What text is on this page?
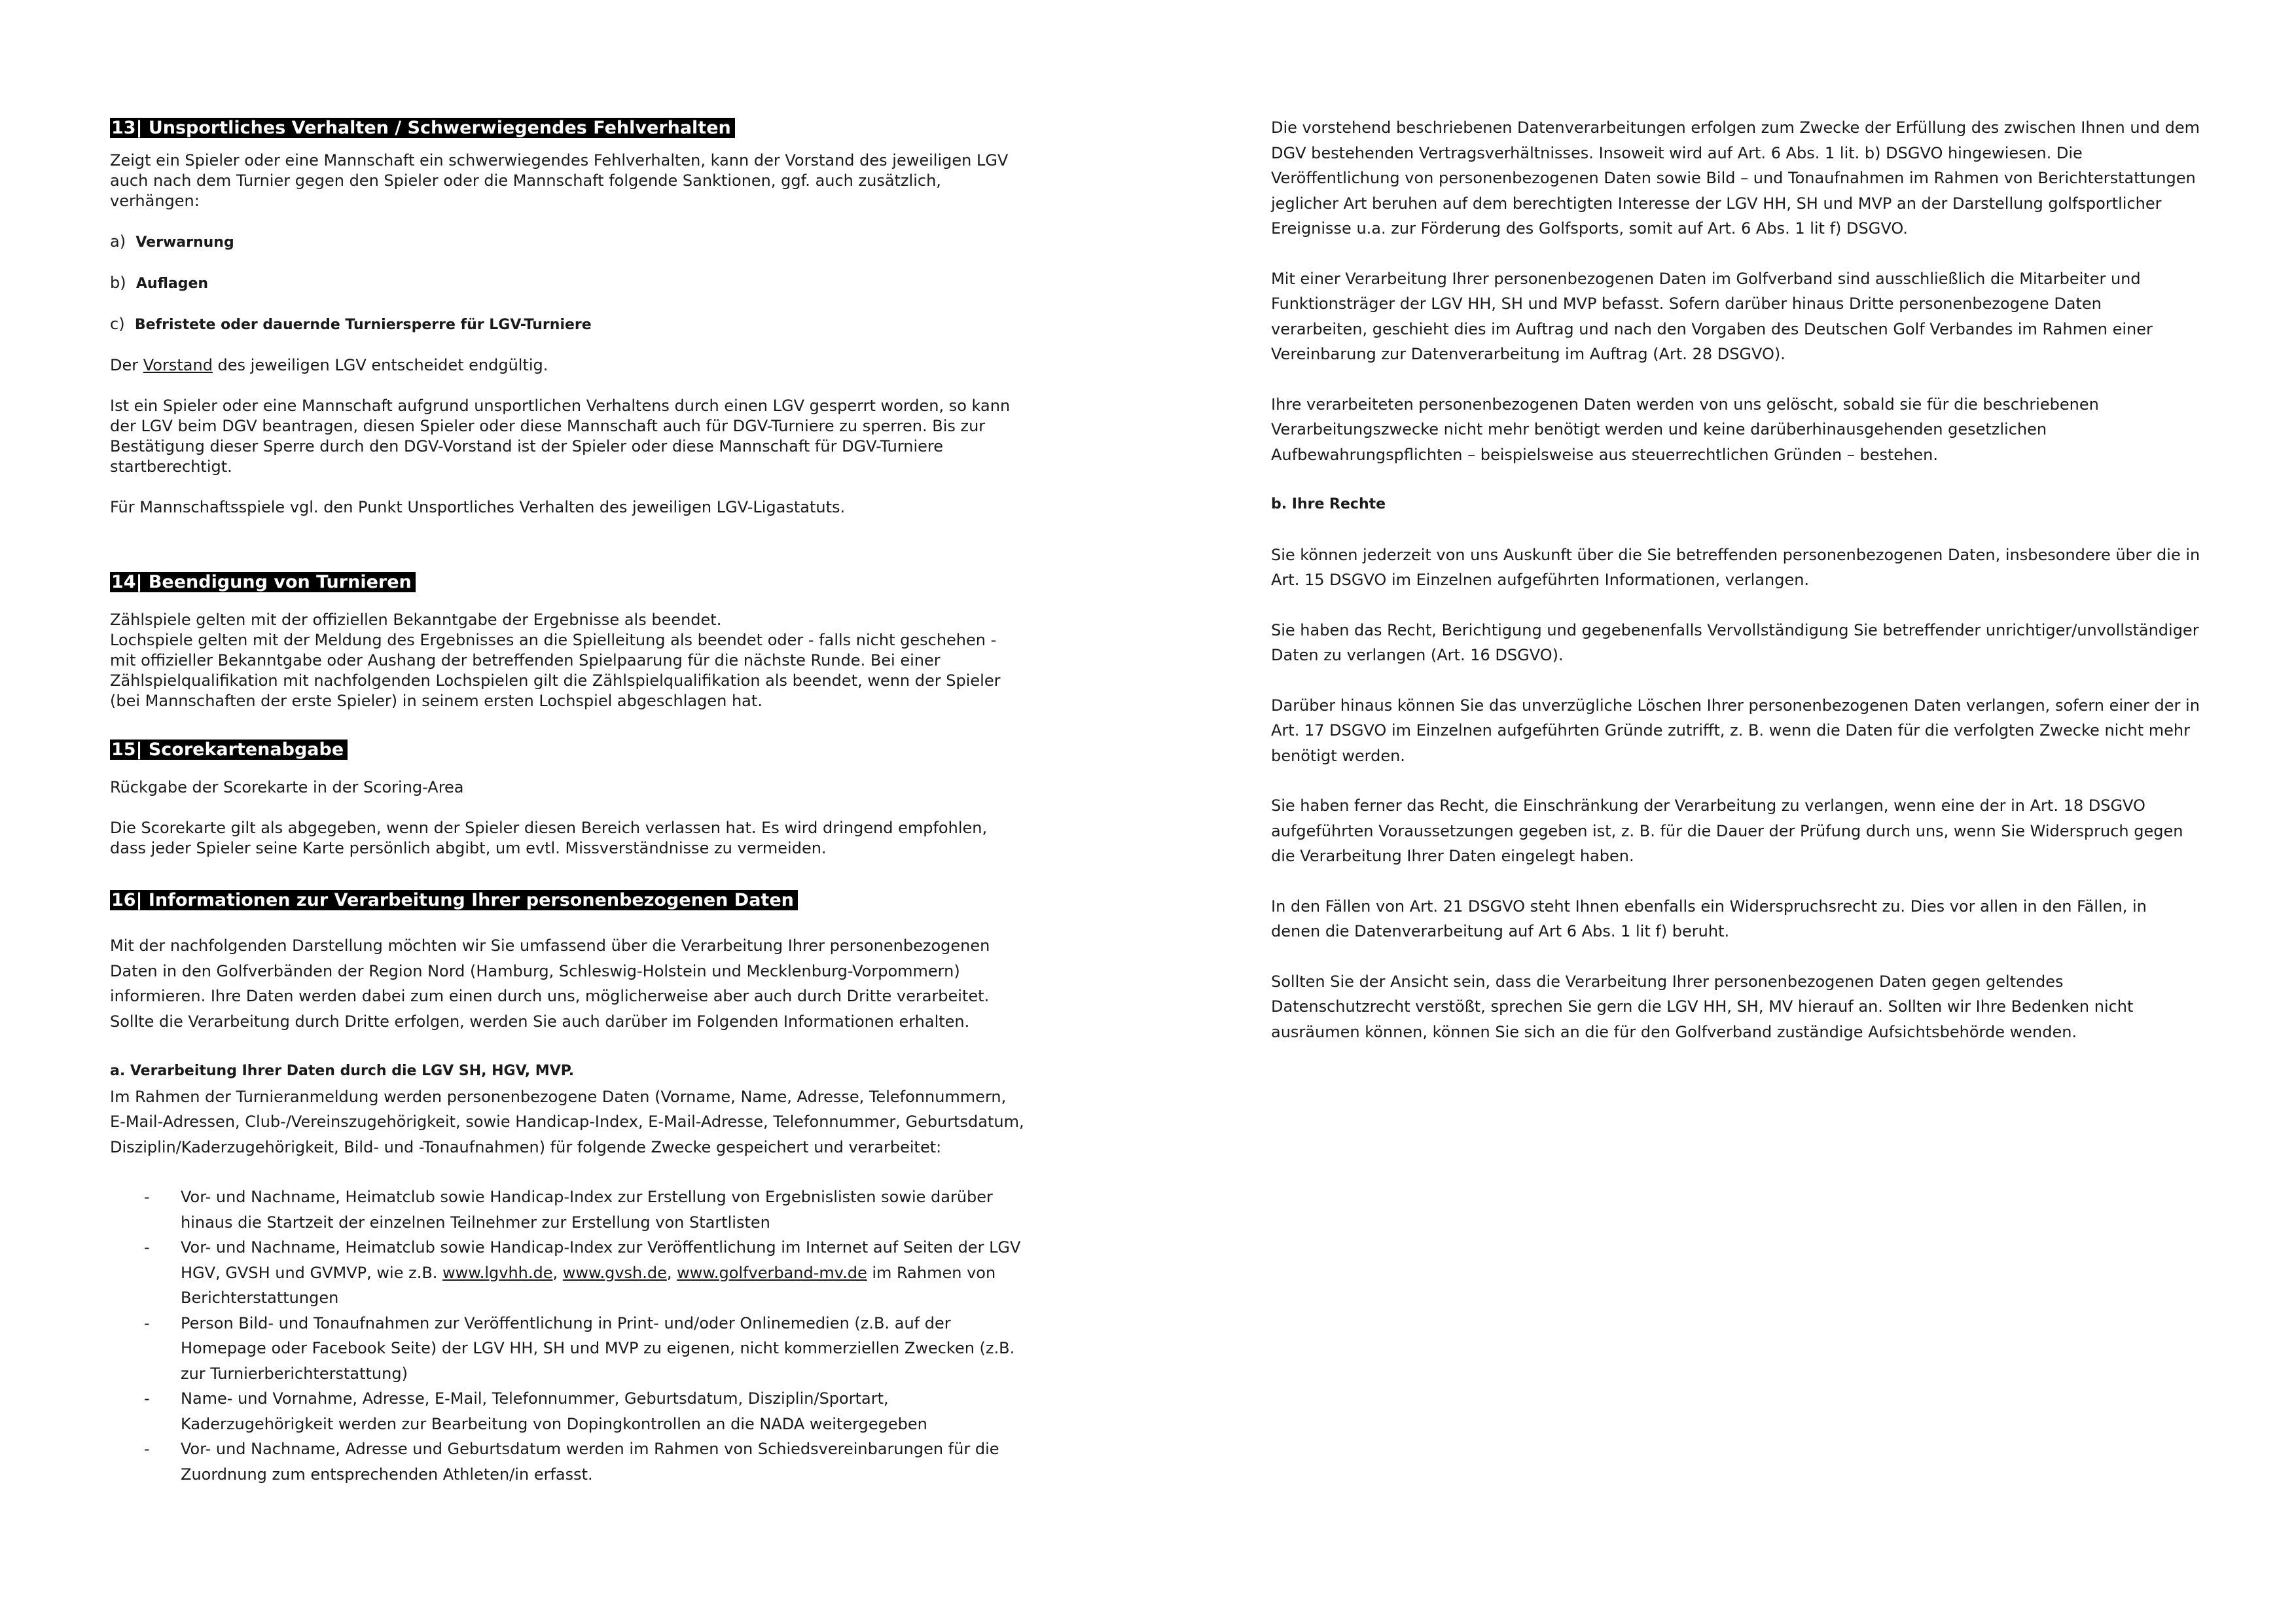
13| Unsportliches Verhalten / Schwerwiegendes Fehlverhalten

Zeigt ein Spieler oder eine Mannschaft ein schwerwiegendes Fehlverhalten, kann der Vorstand des jeweiligen LGV auch nach dem Turnier gegen den Spieler oder die Mannschaft folgende Sanktionen, ggf. auch zusätzlich, verhängen:

a) Verwarnung

b) Auflagen

c) Befristete oder dauernde Turniersperre für LGV-Turniere

Der Vorstand des jeweiligen LGV entscheidet endgültig.

Ist ein Spieler oder eine Mannschaft aufgrund unsportlichen Verhaltens durch einen LGV gesperrt worden, so kann der LGV beim DGV beantragen, diesen Spieler oder diese Mannschaft auch für DGV-Turniere zu sperren. Bis zur Bestätigung dieser Sperre durch den DGV-Vorstand ist der Spieler oder diese Mannschaft für DGV-Turniere startberechtigt.

Für Mannschaftsspiele vgl. den Punkt Unsportliches Verhalten des jeweiligen LGV-Ligastatuts.

14| Beendigung von Turnieren

Zählspiele gelten mit der offiziellen Bekanntgabe der Ergebnisse als beendet.

Lochspiele gelten mit der Meldung des Ergebnisses an die Spielleitung als beendet oder - falls nicht geschehen - mit offizieller Bekanntgabe oder Aushang der betreffenden Spielpaarung für die nächste Runde. Bei einer Zählspielqualifikation mit nachfolgenden Lochspielen gilt die Zählspielqualifikation als beendet, wenn der Spieler (bei Mannschaften der erste Spieler) in seinem ersten Lochspiel abgeschlagen hat.

15| Scorekartenabgabe

Rückgabe der Scorekarte in der Scoring-Area

Die Scorekarte gilt als abgegeben, wenn der Spieler diesen Bereich verlassen hat. Es wird dringend empfohlen, dass jeder Spieler seine Karte persönlich abgibt, um evtl. Missverständnisse zu vermeiden.

16| Informationen zur Verarbeitung Ihrer personenbezogenen Daten

Mit der nachfolgenden Darstellung möchten wir Sie umfassend über die Verarbeitung Ihrer personenbezogenen Daten in den Golfverbänden der Region Nord (Hamburg, Schleswig-Holstein und Mecklenburg-Vorpommern) informieren. Ihre Daten werden dabei zum einen durch uns, möglicherweise aber auch durch Dritte verarbeitet. Sollte die Verarbeitung durch Dritte erfolgen, werden Sie auch darüber im Folgenden Informationen erhalten.

a. Verarbeitung Ihrer Daten durch die LGV SH, HGV, MVP.

Im Rahmen der Turnieranmeldung werden personenbezogene Daten (Vorname, Name, Adresse, Telefonnummern, E-Mail-Adressen, Club-/Vereinszugehörigkeit, sowie Handicap-Index, E-Mail-Adresse, Telefonnummer, Geburtsdatum, Disziplin/Kaderzugehörigkeit, Bild- und -Tonaufnahmen) für folgende Zwecke gespeichert und verarbeitet:

- Vor- und Nachname, Heimatclub sowie Handicap-Index zur Erstellung von Ergebnislisten sowie darüber hinaus die Startzeit der einzelnen Teilnehmer zur Erstellung von Startlisten
- Vor- und Nachname, Heimatclub sowie Handicap-Index zur Veröffentlichung im Internet auf Seiten der LGV HGV, GVSH und GVMVP, wie z.B. www.lgvhh.de, www.gvsh.de, www.golfverband-mv.de im Rahmen von Berichterstattungen
- Person Bild- und Tonaufnahmen zur Veröffentlichung in Print- und/oder Onlinemedien (z.B. auf der Homepage oder Facebook Seite) der LGV HH, SH und MVP zu eigenen, nicht kommerziellen Zwecken (z.B. zur Turnierberichterstattung)
- Name- und Vornahme, Adresse, E-Mail, Telefonnummer, Geburtsdatum, Disziplin/Sportart, Kaderzugehörigkeit werden zur Bearbeitung von Dopingkontrollen an die NADA weitergegeben
- Vor- und Nachname, Adresse und Geburtsdatum werden im Rahmen von Schiedsvereinbarungen für die Zuordnung zum entsprechenden Athleten/in erfasst.

Die vorstehend beschriebenen Datenverarbeitungen erfolgen zum Zwecke der Erfüllung des zwischen Ihnen und dem DGV bestehenden Vertragsverhältnisses. Insoweit wird auf Art. 6 Abs. 1 lit. b) DSGVO hingewiesen. Die Veröffentlichung von personenbezogenen Daten sowie Bild – und Tonaufnahmen im Rahmen von Berichterstattungen jeglicher Art beruhen auf dem berechtigten Interesse der LGV HH, SH und MVP an der Darstellung golfsportlicher Ereignisse u.a. zur Förderung des Golfsports, somit auf Art. 6 Abs. 1 lit f) DSGVO.

Mit einer Verarbeitung Ihrer personenbezogenen Daten im Golfverband sind ausschließlich die Mitarbeiter und Funktionsträger der LGV HH, SH und MVP befasst. Sofern darüber hinaus Dritte personenbezogene Daten verarbeiten, geschieht dies im Auftrag und nach den Vorgaben des Deutschen Golf Verbandes im Rahmen einer Vereinbarung zur Datenverarbeitung im Auftrag (Art. 28 DSGVO).

Ihre verarbeiteten personenbezogenen Daten werden von uns gelöscht, sobald sie für die beschriebenen Verarbeitungszwecke nicht mehr benötigt werden und keine darüberhinausgehenden gesetzlichen Aufbewahrungspflichten – beispielsweise aus steuerrechtlichen Gründen – bestehen.

b. Ihre Rechte

Sie können jederzeit von uns Auskunft über die Sie betreffenden personenbezogenen Daten, insbesondere über die in Art. 15 DSGVO im Einzelnen aufgeführten Informationen, verlangen.

Sie haben das Recht, Berichtigung und gegebenenfalls Vervollständigung Sie betreffender unrichtiger/unvollständiger Daten zu verlangen (Art. 16 DSGVO).

Darüber hinaus können Sie das unverzügliche Löschen Ihrer personenbezogenen Daten verlangen, sofern einer der in Art. 17 DSGVO im Einzelnen aufgeführten Gründe zutrifft, z. B. wenn die Daten für die verfolgten Zwecke nicht mehr benötigt werden.

Sie haben ferner das Recht, die Einschränkung der Verarbeitung zu verlangen, wenn eine der in Art. 18 DSGVO aufgeführten Voraussetzungen gegeben ist, z. B. für die Dauer der Prüfung durch uns, wenn Sie Widerspruch gegen die Verarbeitung Ihrer Daten eingelegt haben.

In den Fällen von Art. 21 DSGVO steht Ihnen ebenfalls ein Widerspruchsrecht zu. Dies vor allen in den Fällen, in denen die Datenverarbeitung auf Art 6 Abs. 1 lit f) beruht.

Sollten Sie der Ansicht sein, dass die Verarbeitung Ihrer personenbezogenen Daten gegen geltendes Datenschutzrecht verstößt, sprechen Sie gern die LGV HH, SH, MV hierauf an. Sollten wir Ihre Bedenken nicht ausräumen können, können Sie sich an die für den Golfverband zuständige Aufsichtsbehörde wenden.
